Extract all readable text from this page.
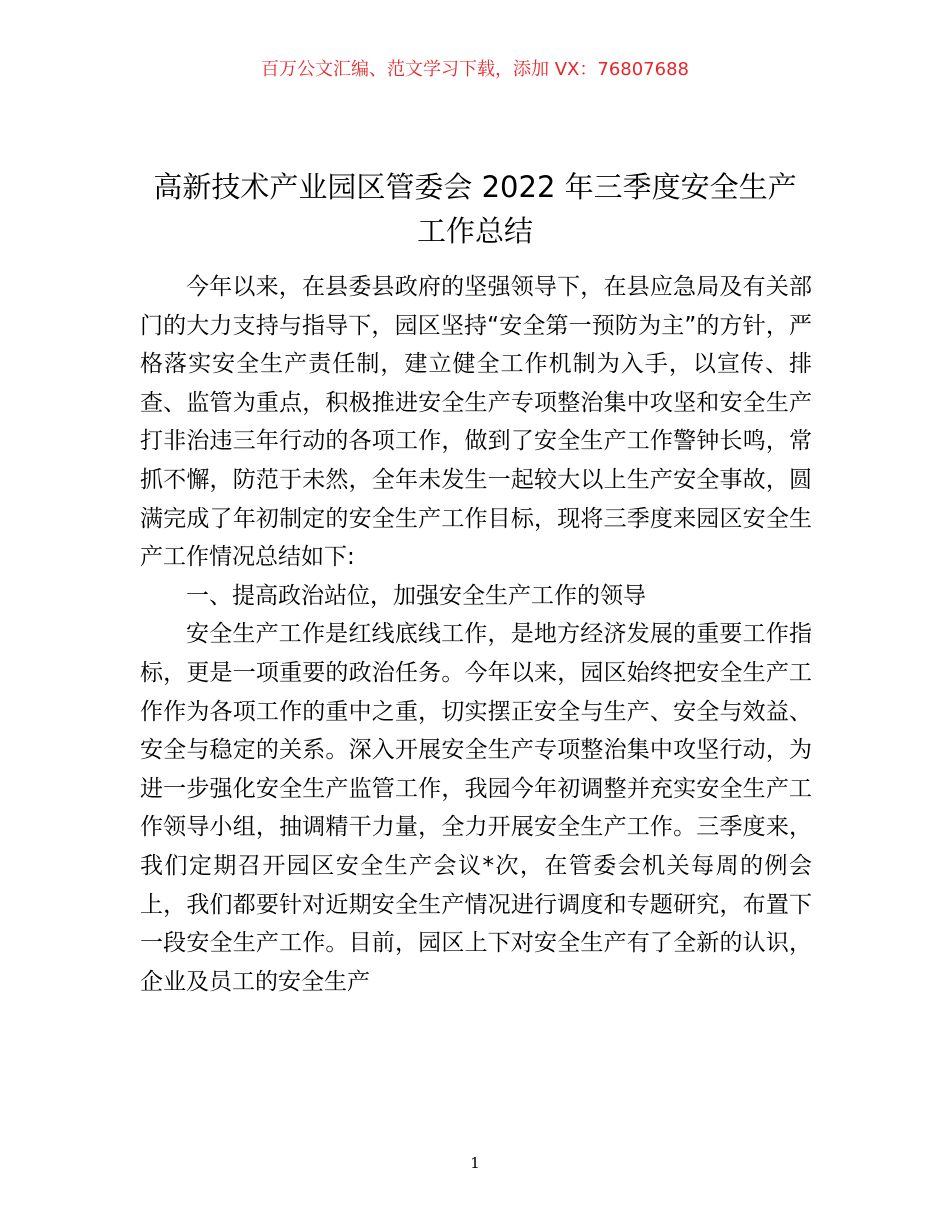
百万公文汇编、范文学习下载，添加 VX：76807688
高新技术产业园区管委会 2022 年三季度安全生产工作总结

今年以来，在县委县政府的坚强领导下，在县应急局及有关部门的大力支持与指导下，园区坚持“安全第一预防为主”的方针，严格落实安全生产责任制，建立健全工作机制为入手，以宣传、排查、监管为重点，积极推进安全生产专项整治集中攻坚和安全生产打非治违三年行动的各项工作，做到了安全生产工作警钟长鸣，常抓不懈，防范于未然，全年未发生一起较大以上生产安全事故，圆满完成了年初制定的安全生产工作目标，现将三季度来园区安全生产工作情况总结如下:

一、提高政治站位，加强安全生产工作的领导

安全生产工作是红线底线工作，是地方经济发展的重要工作指标，更是一项重要的政治任务。今年以来，园区始终把安全生产工作作为各项工作的重中之重，切实摆正安全与生产、安全与效益、安全与稳定的关系。深入开展安全生产专项整治集中攻坚行动，为进一步强化安全生产监管工作，我园今年初调整并充实安全生产工作领导小组，抽调精干力量，全力开展安全生产工作。三季度来，我们定期召开园区安全生产会议*次，在管委会机关每周的例会上，我们都要针对近期安全生产情况进行调度和专题研究，布置下一段安全生产工作。目前，园区上下对安全生产有了全新的认识，企业及员工的安全生产

1
